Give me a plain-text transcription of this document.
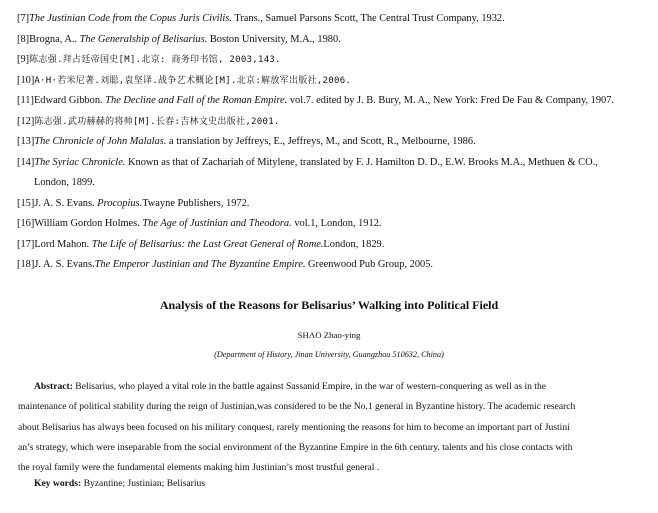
[7]The Justinian Code from the Copus Juris Civilis. Trans., Samuel Parsons Scott, The Central Trust Company, 1932.
[8]Brogna, A.. The Generalship of Belisarius. Boston University, M.A., 1980.
[9]陈志强.拜占廷帝国史[M].北京: 商务印书馆, 2003,143.
[10]A·H·若米尼著.刘聪,袁坚译.战争艺术概论[M].北京:解放军出版社,2006.
[11]Edward Gibbon. The Decline and Fall of the Roman Empire. vol.7. edited by J. B. Bury, M. A., New York: Fred De Fau & Company, 1907.
[12]陈志强.武功赫赫的将帅[M].长春:吉林文史出版社,2001.
[13]The Chronicle of John Malalas. a translation by Jeffreys, E., Jeffreys, M., and Scott, R., Melbourne, 1986.
[14]The Syriac Chronicle. Known as that of Zachariah of Mitylene, translated by F. J. Hamilton D. D., E.W. Brooks M.A., Methuen & CO.,
London, 1899.
[15]J. A. S. Evans. Procopius.Twayne Publishers, 1972.
[16]William Gordon Holmes. The Age of Justinian and Theodora. vol.1, London, 1912.
[17]Lord Mahon. The Life of Belisarius: the Last Great General of Rome.London, 1829.
[18]J. A. S. Evans.The Emperor Justinian and The Byzantine Empire. Greenwood Pub Group, 2005.
Analysis of the Reasons for Belisarius’ Walking into Political Field
SHAO Zhao-ying
(Department of History, Jinan University, Guangzhou 510632, China)
Abstract: Belisarius, who played a vital role in the battle against Sassanid Empire, in the war of western-conquering as well as in the
maintenance of political stability during the reign of Justinian,was considered to be the No.1 general in Byzantine history. The academic research
about Belisarius has always been focused on his military conquest, rarely mentioning the reasons for him to become an important part of Justini
an’s strategy, which were inseparable from the social environment of the Byzantine Empire in the 6th century. talents and his close contacts with
the royal family were the fundamental elements making him Justinian’s most trustful general .
Key words: Byzantine; Justinian; Belisarius
